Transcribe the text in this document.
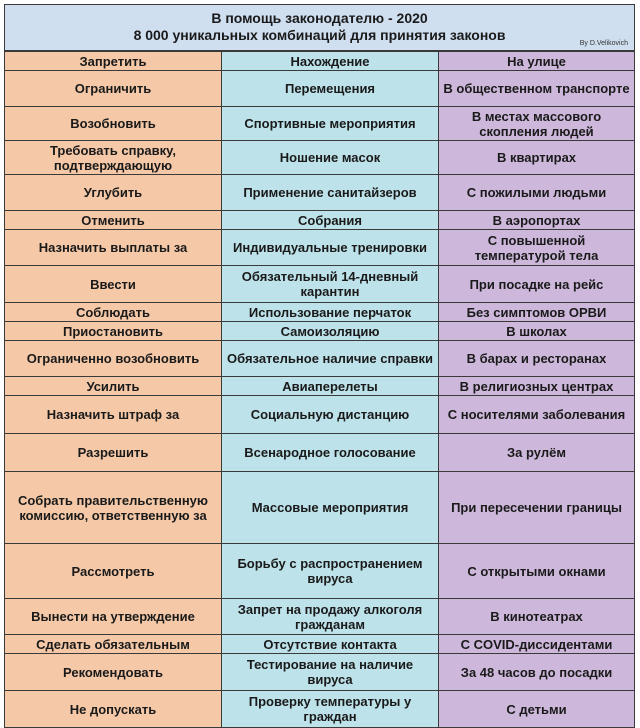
В помощь законодателю - 2020
8 000 уникальных комбинаций для принятия законов
By D.Velikovich
Запретить	Нахождение	На улице
Ограничить	Перемещения	В общественном транспорте
Возобновить	Спортивные мероприятия	В местах массового скопления людей
Требовать справку, подтверждающую	Ношение масок	В квартирах
Углубить	Применение санитайзеров	С пожилыми людьми
Отменить	Собрания	В аэропортах
Назначить выплаты за	Индивидуальные тренировки	С повышенной температурой тела
Ввести	Обязательный 14-дневный карантин	При посадке на рейс
Соблюдать	Использование перчаток	Без симптомов ОРВИ
Приостановить	Самоизоляцию	В школах
Ограниченно возобновить	Обязательное наличие справки	В барах и ресторанах
Усилить	Авиаперелеты	В религиозных центрах
Назначить штраф за	Социальную дистанцию	С носителями заболевания
Разрешить	Всенародное голосование	За рулём
Собрать правительственную комиссию, ответственную за	Массовые мероприятия	При пересечении границы
Рассмотреть	Борьбу с распространением вируса	С открытыми окнами
Вынести на утверждение	Запрет на продажу алкоголя гражданам	В кинотеатрах
Сделать обязательным	Отсутствие контакта	С COVID-диссидентами
Рекомендовать	Тестирование на наличие вируса	За 48 часов до посадки
Не допускать	Проверку температуры у граждан	С детьми
